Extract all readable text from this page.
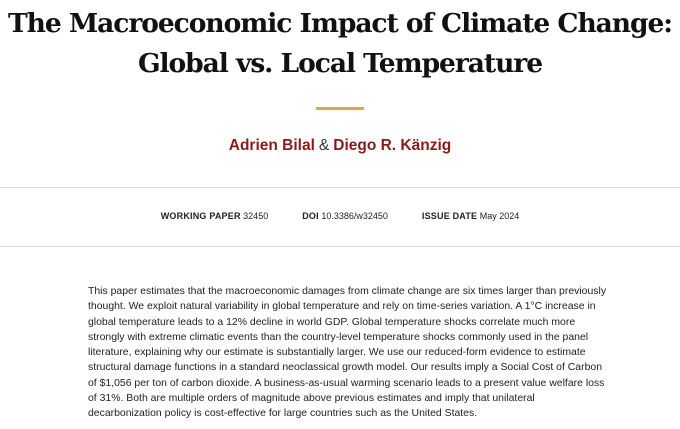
The Macroeconomic Impact of Climate Change:
Global vs. Local Temperature
Adrien Bilal & Diego R. Känzig
WORKING PAPER 32450	DOI 10.3386/w32450	ISSUE DATE May 2024
This paper estimates that the macroeconomic damages from climate change are six times larger than previously thought. We exploit natural variability in global temperature and rely on time-series variation. A 1°C increase in global temperature leads to a 12% decline in world GDP. Global temperature shocks correlate much more strongly with extreme climatic events than the country-level temperature shocks commonly used in the panel literature, explaining why our estimate is substantially larger. We use our reduced-form evidence to estimate structural damage functions in a standard neoclassical growth model. Our results imply a Social Cost of Carbon of $1,056 per ton of carbon dioxide. A business-as-usual warming scenario leads to a present value welfare loss of 31%. Both are multiple orders of magnitude above previous estimates and imply that unilateral decarbonization policy is cost-effective for large countries such as the United States.
